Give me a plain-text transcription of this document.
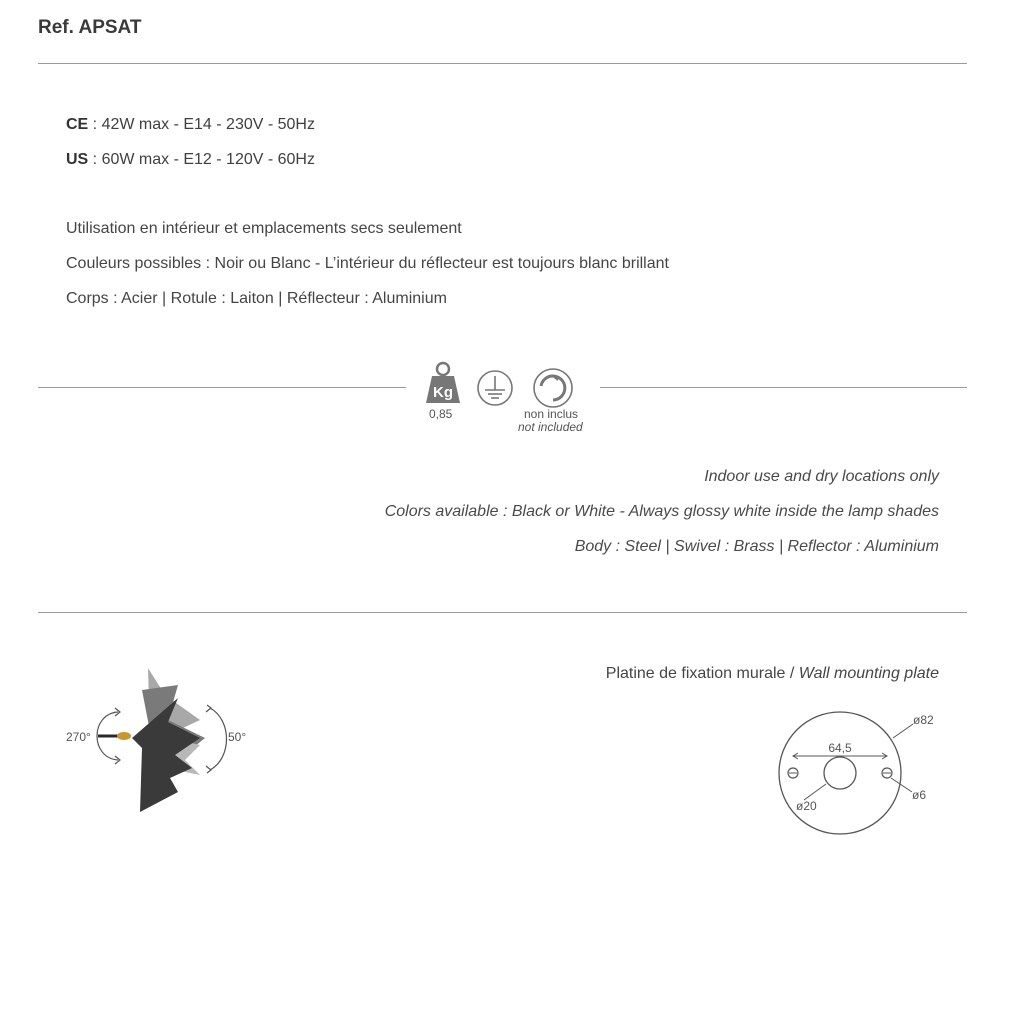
Ref. APSAT
CE : 42W max - E14 - 230V - 50Hz
US : 60W max - E12 - 120V - 60Hz
Utilisation en intérieur et emplacements secs seulement
Couleurs possibles : Noir ou Blanc - L’intérieur du réflecteur est toujours blanc brillant
Corps : Acier | Rotule : Laiton | Réflecteur : Aluminium
Kg
0,85	non inclus
not included
Indoor use and dry locations only
Colors available : Black or White - Always glossy white inside the lamp shades
Body : Steel | Swivel : Brass | Reflector : Aluminium
270°	50°
Platine de fixation murale / Wall mounting plate
64,5
ø82
ø6
ø20
